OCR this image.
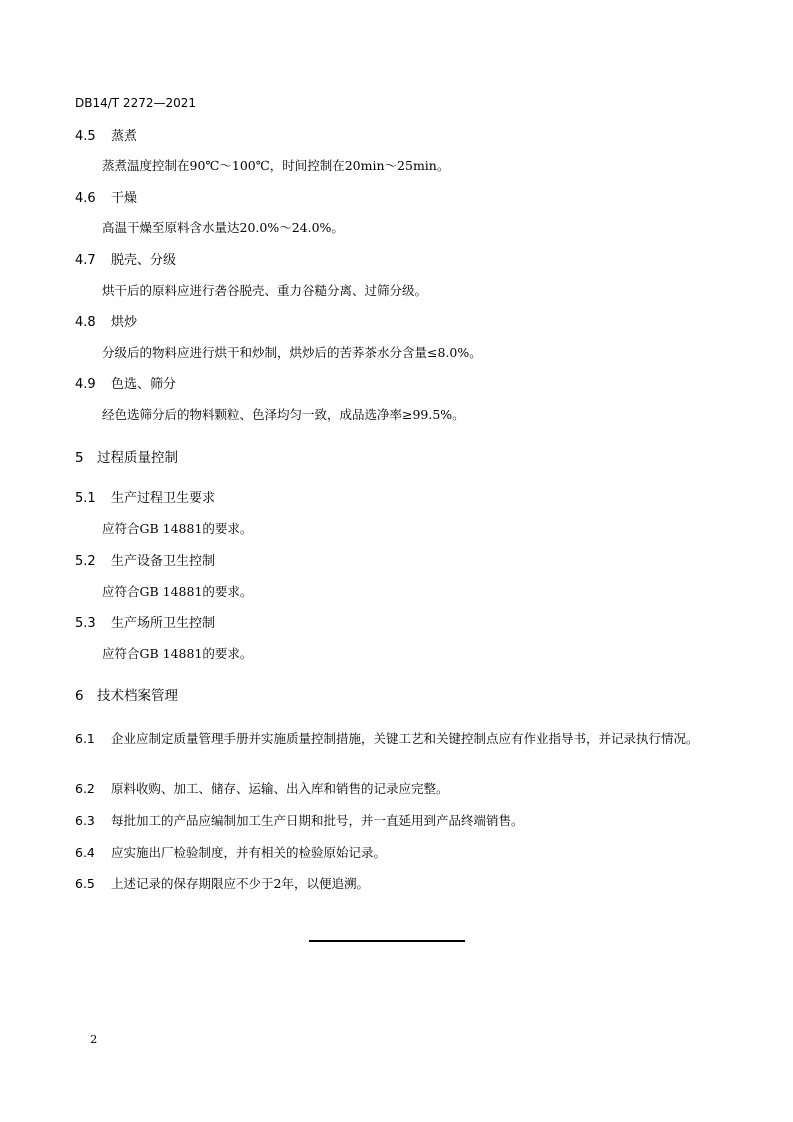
DB14/T 2272—2021
4.5 蒸煮
蒸煮温度控制在90℃～100℃，时间控制在20min～25min。
4.6 干燥
高温干燥至原料含水量达20.0%～24.0%。
4.7 脱壳、分级
烘干后的原料应进行砻谷脱壳、重力谷糙分离、过筛分级。
4.8 烘炒
分级后的物料应进行烘干和炒制，烘炒后的苦荞茶水分含量≤8.0%。
4.9 色选、筛分
经色选筛分后的物料颗粒、色泽均匀一致，成品选净率≥99.5%。
5 过程质量控制
5.1 生产过程卫生要求
应符合GB 14881的要求。
5.2 生产设备卫生控制
应符合GB 14881的要求。
5.3 生产场所卫生控制
应符合GB 14881的要求。
6 技术档案管理
6.1 企业应制定质量管理手册并实施质量控制措施，关键工艺和关键控制点应有作业指导书，并记录执行情况。
6.2 原料收购、加工、储存、运输、出入库和销售的记录应完整。
6.3 每批加工的产品应编制加工生产日期和批号，并一直延用到产品终端销售。
6.4 应实施出厂检验制度，并有相关的检验原始记录。
6.5 上述记录的保存期限应不少于2年，以便追溯。
2
